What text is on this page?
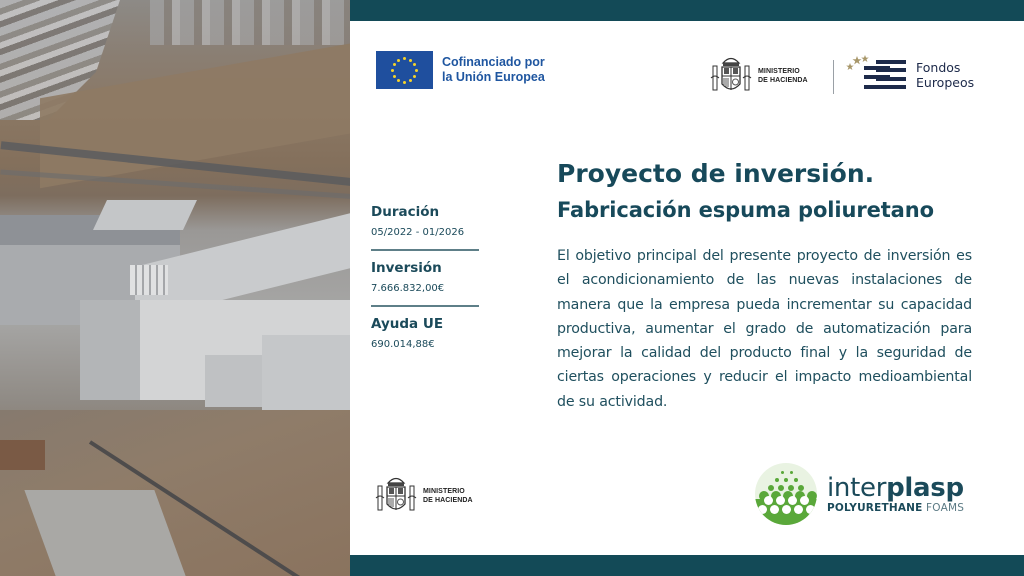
Cofinanciado por
la Unión Europea	MINISTERIO
DE HACIENDA
Fondos
Europeos
Duración
05/2022 - 01/2026
Inversión
7.666.832,00€
Ayuda UE
690.014,88€
Proyecto de inversión.
Fabricación espuma poliuretano

El objetivo principal del presente proyecto de inversión es el acondicionamiento de las nuevas instalaciones de manera que la empresa pueda incrementar su capacidad productiva, aumentar el grado de automatización para mejorar la calidad del producto final y la seguridad de ciertas operaciones y reducir el impacto medioambiental de su actividad.

MINISTERIO
DE HACIENDA	interplasp
POLYURETHANE FOAMS
